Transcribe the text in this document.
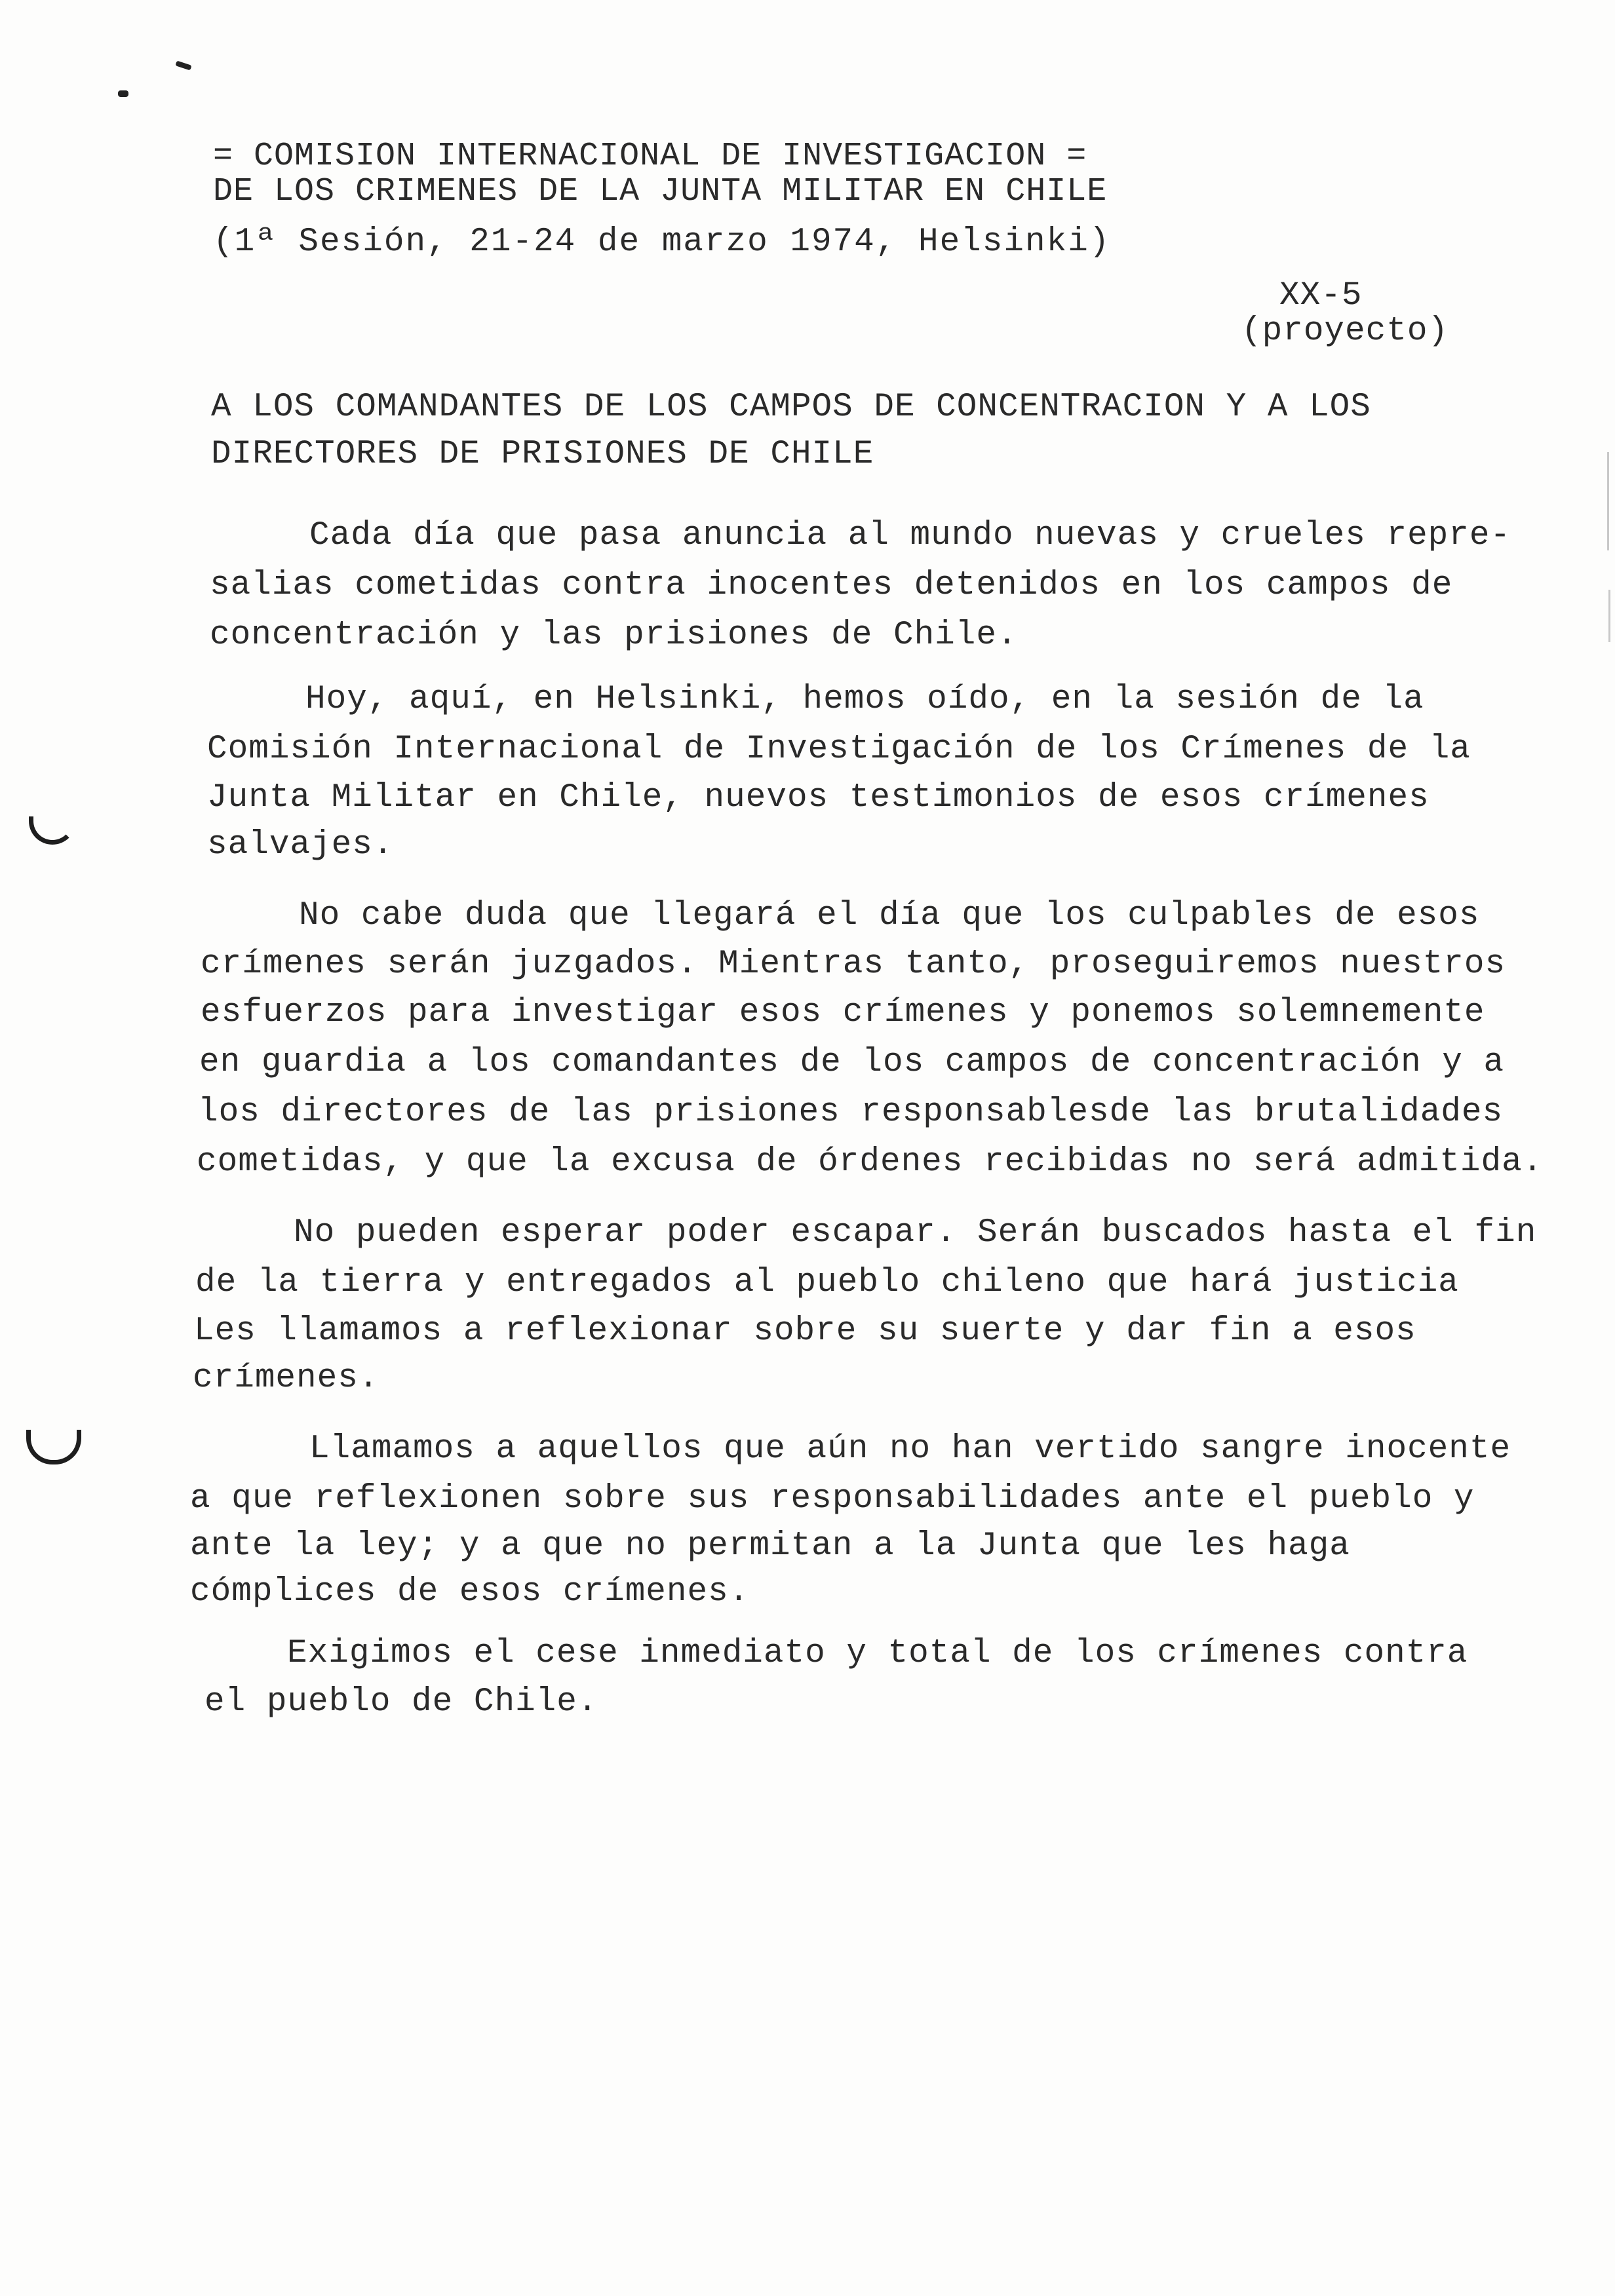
= COMISION INTERNACIONAL DE INVESTIGACION =
DE LOS CRIMENES DE LA JUNTA MILITAR EN CHILE
(1ª Sesión, 21-24 de marzo 1974, Helsinki)
XX-5
(proyecto)
A LOS COMANDANTES DE LOS CAMPOS DE CONCENTRACION Y A LOS
DIRECTORES DE PRISIONES DE CHILE
Cada día que pasa anuncia al mundo nuevas y crueles repre-
salias cometidas contra inocentes detenidos en los campos de
concentración y las prisiones de Chile.
Hoy, aquí, en Helsinki, hemos oído, en la sesión de la
Comisión Internacional de Investigación de los Crímenes de la
Junta Militar en Chile, nuevos testimonios de esos crímenes
salvajes.
No cabe duda que llegará el día que los culpables de esos
crímenes serán juzgados. Mientras tanto, proseguiremos nuestros
esfuerzos para investigar esos crímenes y ponemos solemnemente
en guardia a los comandantes de los campos de concentración y a
los directores de las prisiones responsablesde las brutalidades
cometidas, y que la excusa de órdenes recibidas no será admitida.
No pueden esperar poder escapar. Serán buscados hasta el fin
de la tierra y entregados al pueblo chileno que hará justicia
Les llamamos a reflexionar sobre su suerte y dar fin a esos
crímenes.
Llamamos a aquellos que aún no han vertido sangre inocente
a que reflexionen sobre sus responsabilidades ante el pueblo y
ante la ley; y a que no permitan a la Junta que les haga
cómplices de esos crímenes.
Exigimos el cese inmediato y total de los crímenes contra
el pueblo de Chile.
